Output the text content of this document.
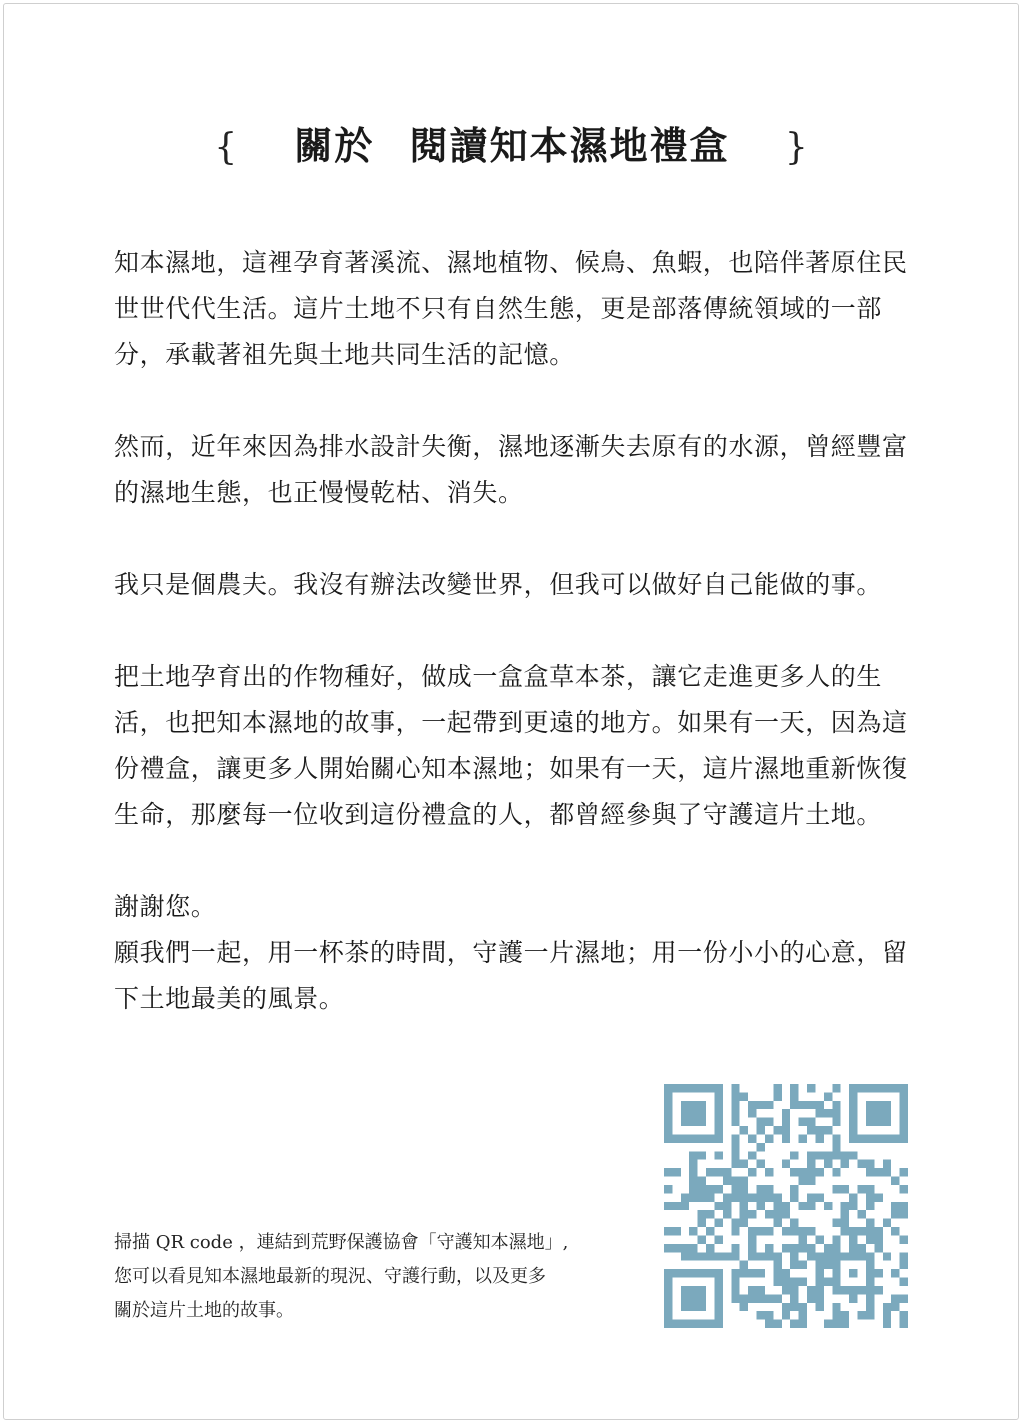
{ 關於 閱讀知本濕地禮盒 }

知本濕地，這裡孕育著溪流、濕地植物、候鳥、魚蝦，也陪伴著原住民世世代代生活。這片土地不只有自然生態，更是部落傳統領域的一部分，承載著祖先與土地共同生活的記憶。

然而，近年來因為排水設計失衡，濕地逐漸失去原有的水源，曾經豐富的濕地生態，也正慢慢乾枯、消失。

我只是個農夫。我沒有辦法改變世界，但我可以做好自己能做的事。

把土地孕育出的作物種好，做成一盒盒草本茶，讓它走進更多人的生活，也把知本濕地的故事，一起帶到更遠的地方。如果有一天，因為這份禮盒，讓更多人開始關心知本濕地；如果有一天，這片濕地重新恢復生命，那麼每一位收到這份禮盒的人，都曾經參與了守護這片土地。

謝謝您。

願我們一起，用一杯茶的時間，守護一片濕地；用一份小小的心意，留下土地最美的風景。

掃描 QR code ，連結到荒野保護協會「守護知本濕地」,
您可以看見知本濕地最新的現況、守護行動，以及更多
關於這片土地的故事。
